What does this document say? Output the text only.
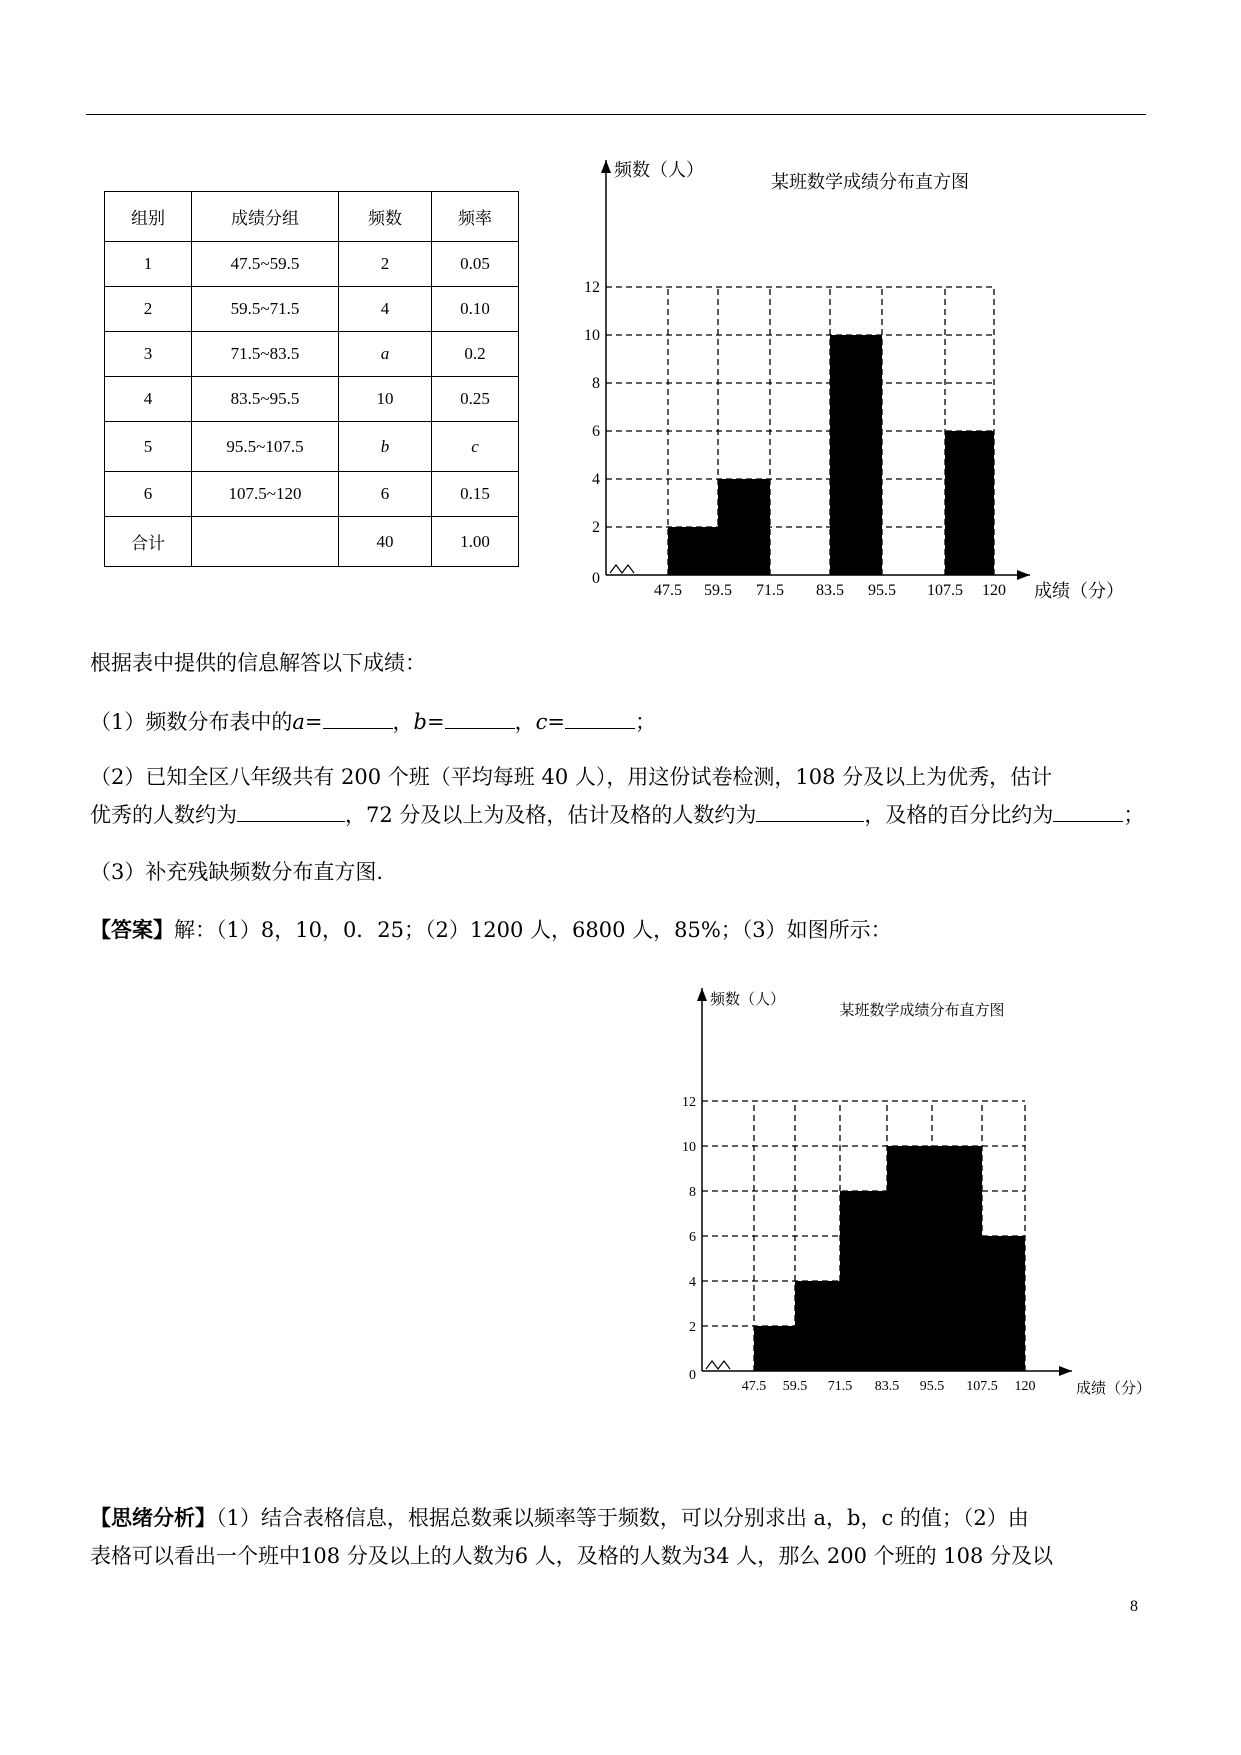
组别	成绩分组	频数	频率
1	47.5~59.5	2	0.05
2	59.5~71.5	4	0.10
3	71.5~83.5	a	0.2
4	83.5~95.5	10	0.25
5	95.5~107.5	b	c
6	107.5~120	6	0.15
合计		40	1.00
0
2
4
6
8
10
12
47.5 59.5 71.5 83.5 95.5 107.5 120
频数（人）
成绩（分）
某班数学成绩分布直方图
0
2
4
6
8
10
12
47.5 59.5 71.5 83.5 95.5 107.5 120
频数（人）
成绩（分）
某班数学成绩分布直方图
根据表中提供的信息解答以下成绩：
（1）频数分布表中的a=	，b=	，c=	；
（2）已知全区八年级共有 200 个班（平均每班 40 人），用这份试卷检测，108 分及以上为优秀，估计
优秀的人数约为	，72 分及以上为及格，估计及格的人数约为	，及格的百分比约为	；
（3）补充残缺频数分布直方图.
【答案】解：（1）8，10，0．25；（2）1200 人，6800 人，85%；（3）如图所示：
【思绪分析】（1）结合表格信息，根据总数乘以频率等于频数，可以分别求出 a，b，c 的值；（2）由
表格可以看出一个班中108 分及以上的人数为6 人，及格的人数为34 人，那么 200 个班的 108 分及以
8
